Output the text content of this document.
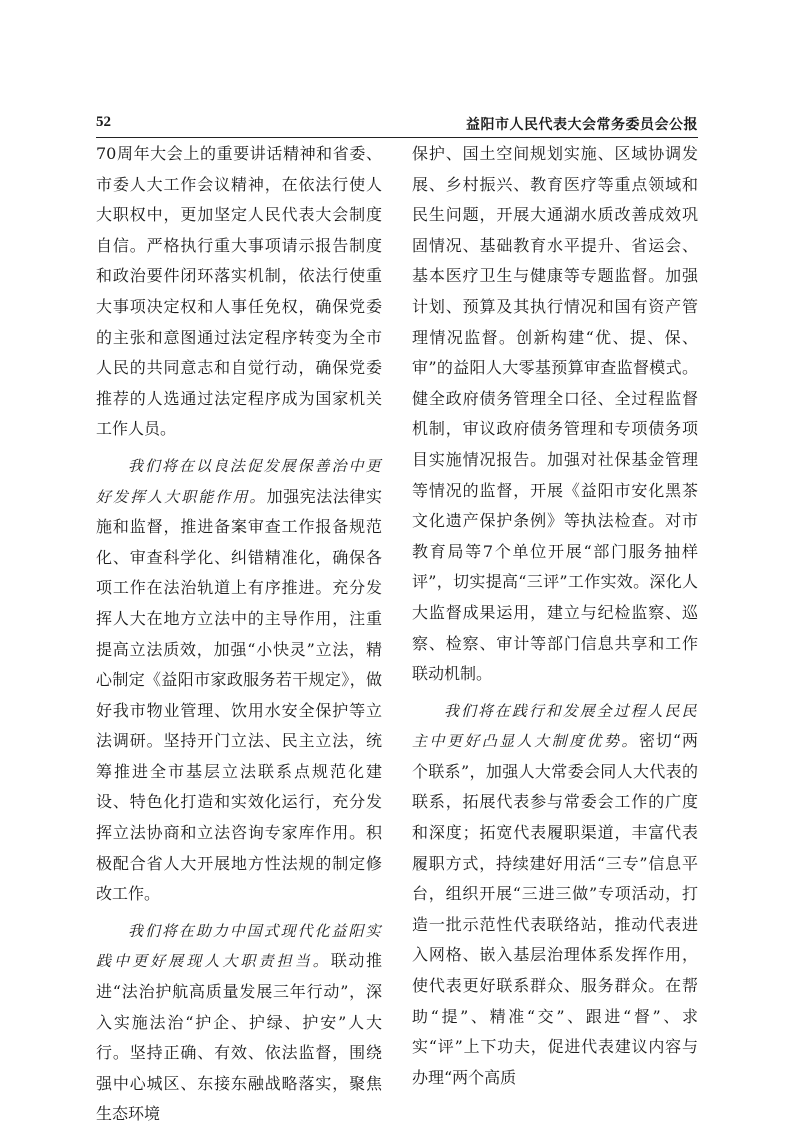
52	益阳市人民代表大会常务委员会公报

70周年大会上的重要讲话精神和省委、市委人大工作会议精神，在依法行使人大职权中，更加坚定人民代表大会制度自信。严格执行重大事项请示报告制度和政治要件闭环落实机制，依法行使重大事项决定权和人事任免权，确保党委的主张和意图通过法定程序转变为全市人民的共同意志和自觉行动，确保党委推荐的人选通过法定程序成为国家机关工作人员。

我们将在以良法促发展保善治中更好发挥人大职能作用。加强宪法法律实施和监督，推进备案审查工作报备规范化、审查科学化、纠错精准化，确保各项工作在法治轨道上有序推进。充分发挥人大在地方立法中的主导作用，注重提高立法质效，加强“小快灵”立法，精心制定《益阳市家政服务若干规定》，做好我市物业管理、饮用水安全保护等立法调研。坚持开门立法、民主立法，统筹推进全市基层立法联系点规范化建设、特色化打造和实效化运行，充分发挥立法协商和立法咨询专家库作用。积极配合省人大开展地方性法规的制定修改工作。

我们将在助力中国式现代化益阳实践中更好展现人大职责担当。联动推进“法治护航高质量发展三年行动”，深入实施法治“护企、护绿、护安”人大行。坚持正确、有效、依法监督，围绕强中心城区、东接东融战略落实，聚焦生态环境

保护、国土空间规划实施、区域协调发展、乡村振兴、教育医疗等重点领域和民生问题，开展大通湖水质改善成效巩固情况、基础教育水平提升、省运会、基本医疗卫生与健康等专题监督。加强计划、预算及其执行情况和国有资产管理情况监督。创新构建“优、提、保、审”的益阳人大零基预算审查监督模式。健全政府债务管理全口径、全过程监督机制，审议政府债务管理和专项债务项目实施情况报告。加强对社保基金管理等情况的监督，开展《益阳市安化黑茶文化遗产保护条例》等执法检查。对市教育局等7个单位开展“部门服务抽样评”，切实提高“三评”工作实效。深化人大监督成果运用，建立与纪检监察、巡察、检察、审计等部门信息共享和工作联动机制。

我们将在践行和发展全过程人民民主中更好凸显人大制度优势。密切“两个联系”，加强人大常委会同人大代表的联系，拓展代表参与常委会工作的广度和深度；拓宽代表履职渠道，丰富代表履职方式，持续建好用活“三专”信息平台，组织开展“三进三做”专项活动，打造一批示范性代表联络站，推动代表进入网格、嵌入基层治理体系发挥作用，使代表更好联系群众、服务群众。在帮助“提”、精准“交”、跟进“督”、求实“评”上下功夫，促进代表建议内容与办理“两个高质
